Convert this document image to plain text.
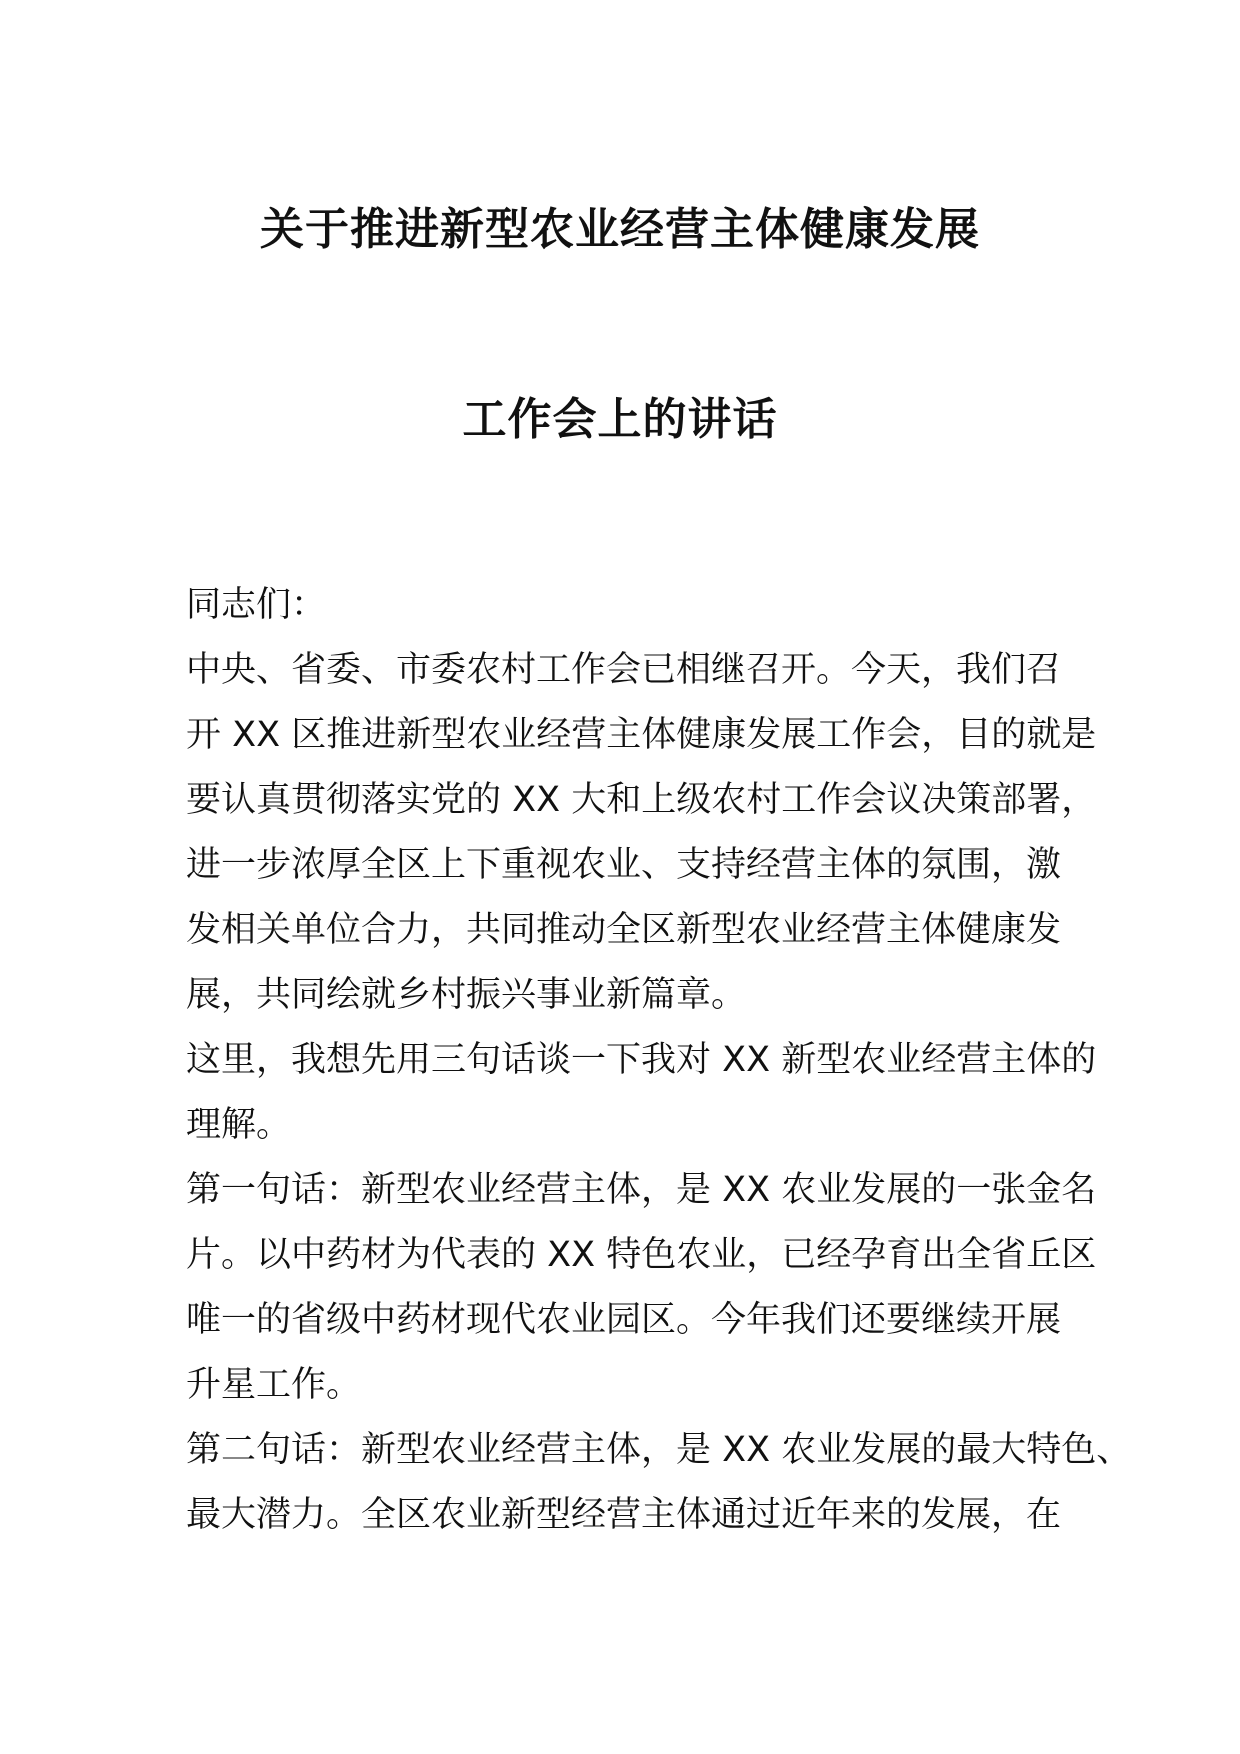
关于推进新型农业经营主体健康发展
工作会上的讲话
同志们：
中央、省委、市委农村工作会已相继召开。今天，我们召
开 XX 区推进新型农业经营主体健康发展工作会，目的就是
要认真贯彻落实党的 XX 大和上级农村工作会议决策部署，
进一步浓厚全区上下重视农业、支持经营主体的氛围，激
发相关单位合力，共同推动全区新型农业经营主体健康发
展，共同绘就乡村振兴事业新篇章。
这里，我想先用三句话谈一下我对 XX 新型农业经营主体的
理解。
第一句话：新型农业经营主体，是 XX 农业发展的一张金名
片。以中药材为代表的 XX 特色农业，已经孕育出全省丘区
唯一的省级中药材现代农业园区。今年我们还要继续开展
升星工作。
第二句话：新型农业经营主体，是 XX 农业发展的最大特色、
最大潜力。全区农业新型经营主体通过近年来的发展，在
